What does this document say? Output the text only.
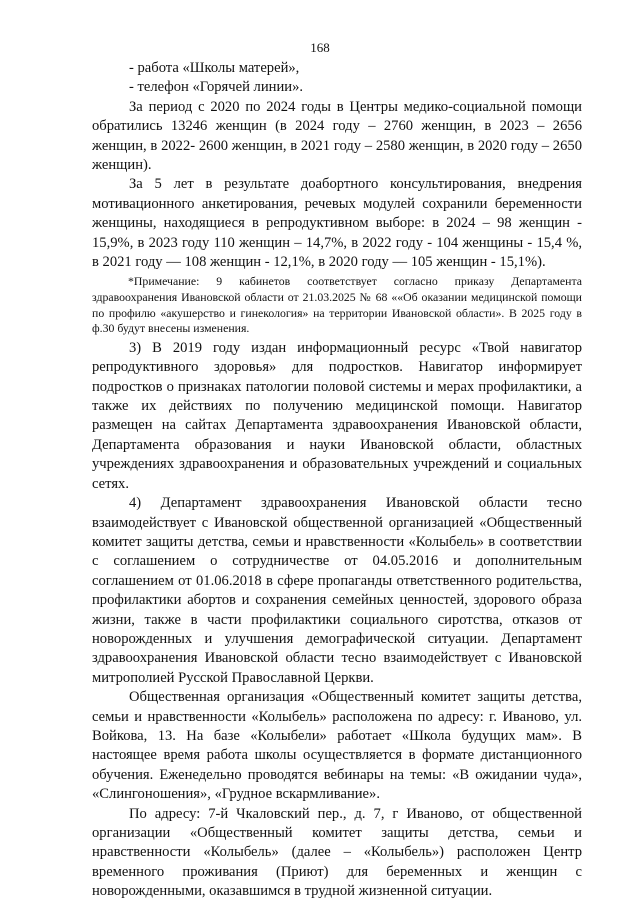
168

- работа «Школы матерей»,

- телефон «Горячей линии».

За период с 2020 по 2024 годы в Центры медико-социальной помощи обратились 13246 женщин (в 2024 году – 2760 женщин, в 2023 – 2656 женщин, в 2022- 2600 женщин, в 2021 году – 2580 женщин, в 2020 году – 2650 женщин).

За 5 лет в результате доабортного консультирования, внедрения мотивационного анкетирования, речевых модулей сохранили беременности женщины, находящиеся в репродуктивном выборе: в 2024 – 98 женщин - 15,9%, в 2023 году 110 женщин – 14,7%, в 2022 году - 104 женщины - 15,4 %, в 2021 году — 108 женщин - 12,1%, в 2020 году — 105 женщин - 15,1%).

*Примечание: 9 кабинетов соответствует согласно приказу Департамента здравоохранения Ивановской области от 21.03.2025 № 68 ««Об оказании медицинской помощи по профилю «акушерство и гинекология» на территории Ивановской области». В 2025 году в ф.30 будут внесены изменения.

3) В 2019 году издан информационный ресурс «Твой навигатор репродуктивного здоровья» для подростков. Навигатор информирует подростков о признаках патологии половой системы и мерах профилактики, а также их действиях по получению медицинской помощи. Навигатор размещен на сайтах Департамента здравоохранения Ивановской области, Департамента образования и науки Ивановской области, областных учреждениях здравоохранения и образовательных учреждений и социальных сетях.

4) Департамент здравоохранения Ивановской области тесно взаимодействует с Ивановской общественной организацией «Общественный комитет защиты детства, семьи и нравственности «Колыбель» в соответствии с соглашением о сотрудничестве от 04.05.2016 и дополнительным соглашением от 01.06.2018 в сфере пропаганды ответственного родительства, профилактики абортов и сохранения семейных ценностей, здорового образа жизни, также в части профилактики социального сиротства, отказов от новорожденных и улучшения демографической ситуации. Департамент здравоохранения Ивановской области тесно взаимодействует с Ивановской митрополией Русской Православной Церкви.

Общественная организация «Общественный комитет защиты детства, семьи и нравственности «Колыбель» расположена по адресу: г. Иваново, ул. Войкова, 13. На базе «Колыбели» работает «Школа будущих мам». В настоящее время работа школы осуществляется в формате дистанционного обучения. Еженедельно проводятся вебинары на темы: «В ожидании чуда», «Слингоношения», «Грудное вскармливание».

По адресу: 7-й Чкаловский пер., д. 7, г Иваново, от общественной организации «Общественный комитет защиты детства, семьи и нравственности «Колыбель» (далее – «Колыбель») расположен Центр временного проживания (Приют) для беременных и женщин с новорожденными, оказавшимся в трудной жизненной ситуации.
